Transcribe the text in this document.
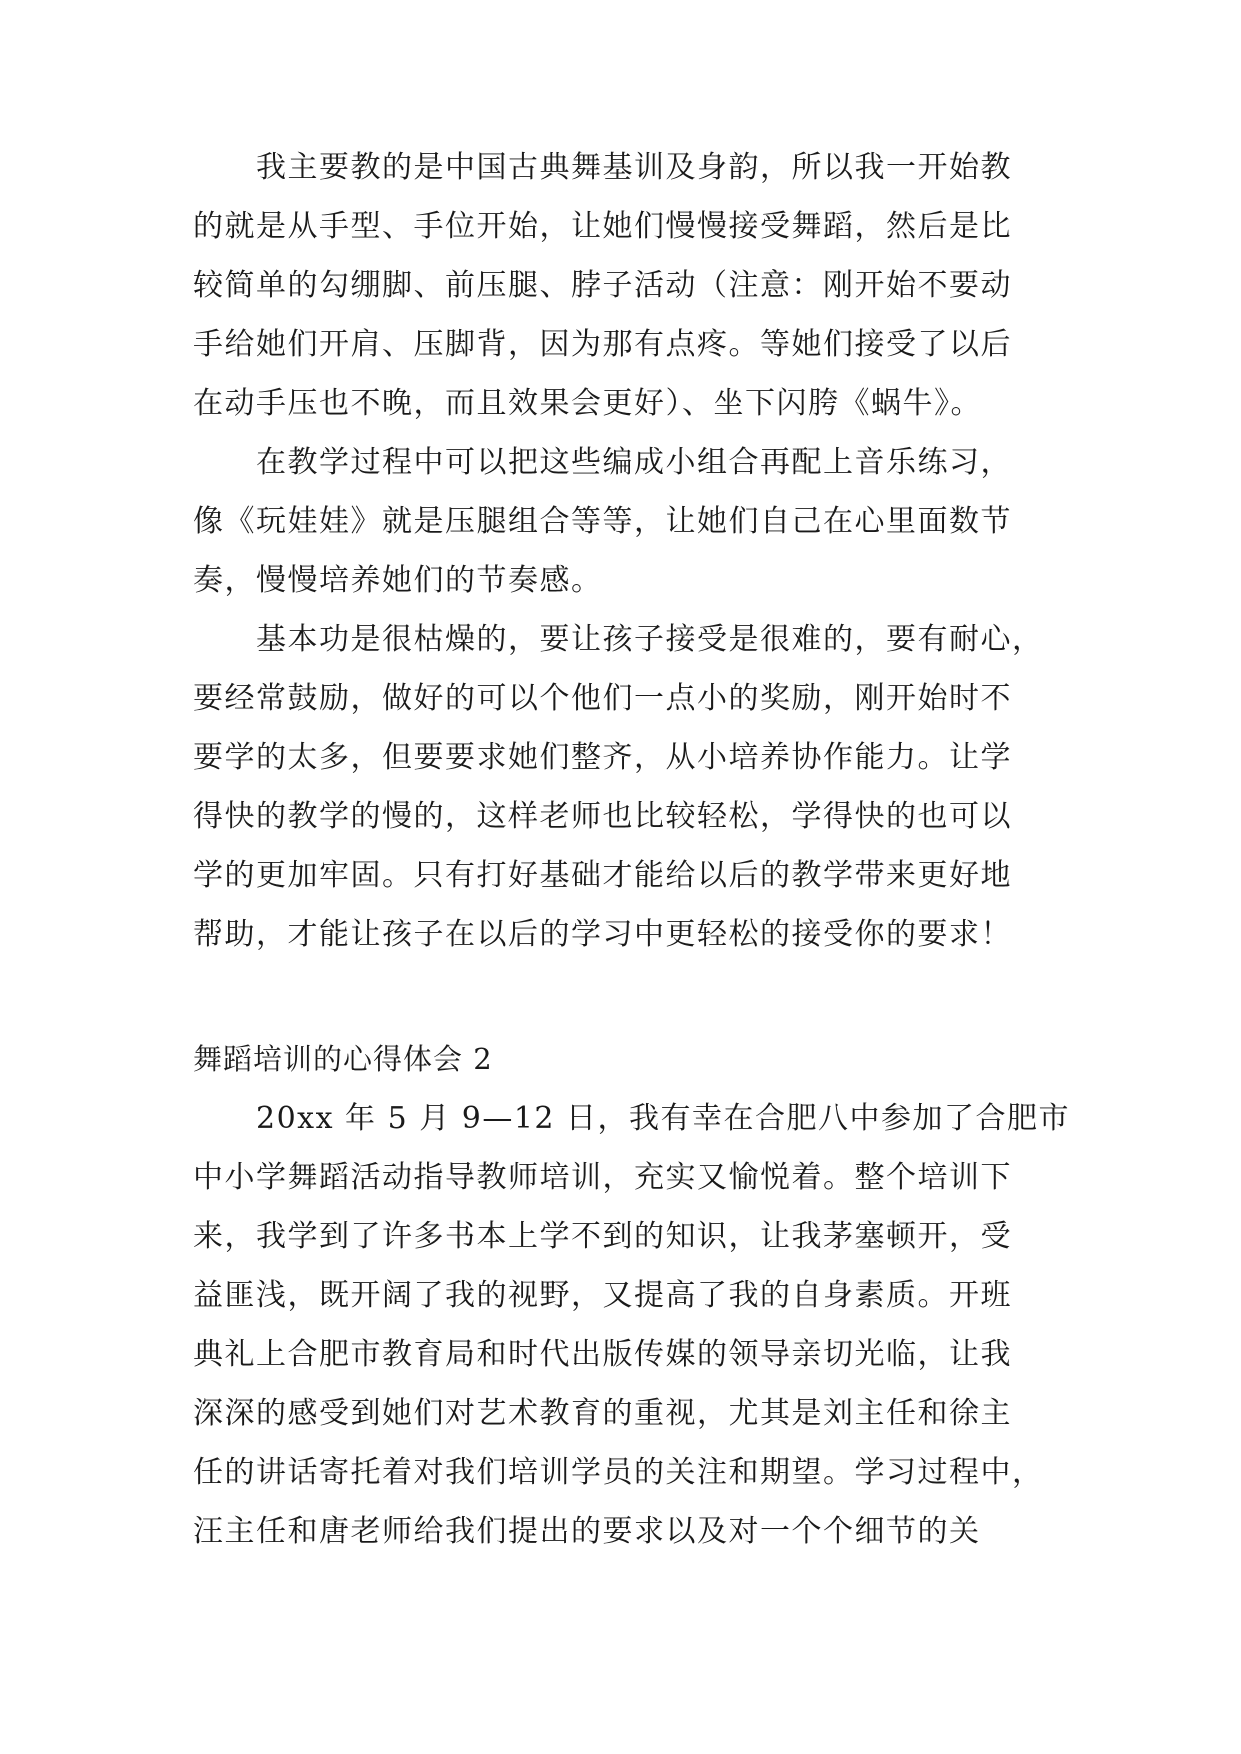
　　我主要教的是中国古典舞基训及身韵，所以我一开始教
的就是从手型、手位开始，让她们慢慢接受舞蹈，然后是比
较简单的勾绷脚、前压腿、脖子活动（注意：刚开始不要动
手给她们开肩、压脚背，因为那有点疼。等她们接受了以后
在动手压也不晚，而且效果会更好）、坐下闪胯《蜗牛》。
　　在教学过程中可以把这些编成小组合再配上音乐练习，
像《玩娃娃》就是压腿组合等等，让她们自己在心里面数节
奏，慢慢培养她们的节奏感。
　　基本功是很枯燥的，要让孩子接受是很难的，要有耐心，
要经常鼓励，做好的可以个他们一点小的奖励，刚开始时不
要学的太多，但要要求她们整齐，从小培养协作能力。让学
得快的教学的慢的，这样老师也比较轻松，学得快的也可以
学的更加牢固。只有打好基础才能给以后的教学带来更好地
帮助，才能让孩子在以后的学习中更轻松的接受你的要求！
舞蹈培训的心得体会 2
　　20xx 年 5 月 9—12 日，我有幸在合肥八中参加了合肥市
中小学舞蹈活动指导教师培训，充实又愉悦着。整个培训下
来，我学到了许多书本上学不到的知识，让我茅塞顿开，受
益匪浅，既开阔了我的视野，又提高了我的自身素质。开班
典礼上合肥市教育局和时代出版传媒的领导亲切光临，让我
深深的感受到她们对艺术教育的重视，尤其是刘主任和徐主
任的讲话寄托着对我们培训学员的关注和期望。学习过程中，
汪主任和唐老师给我们提出的要求以及对一个个细节的关
